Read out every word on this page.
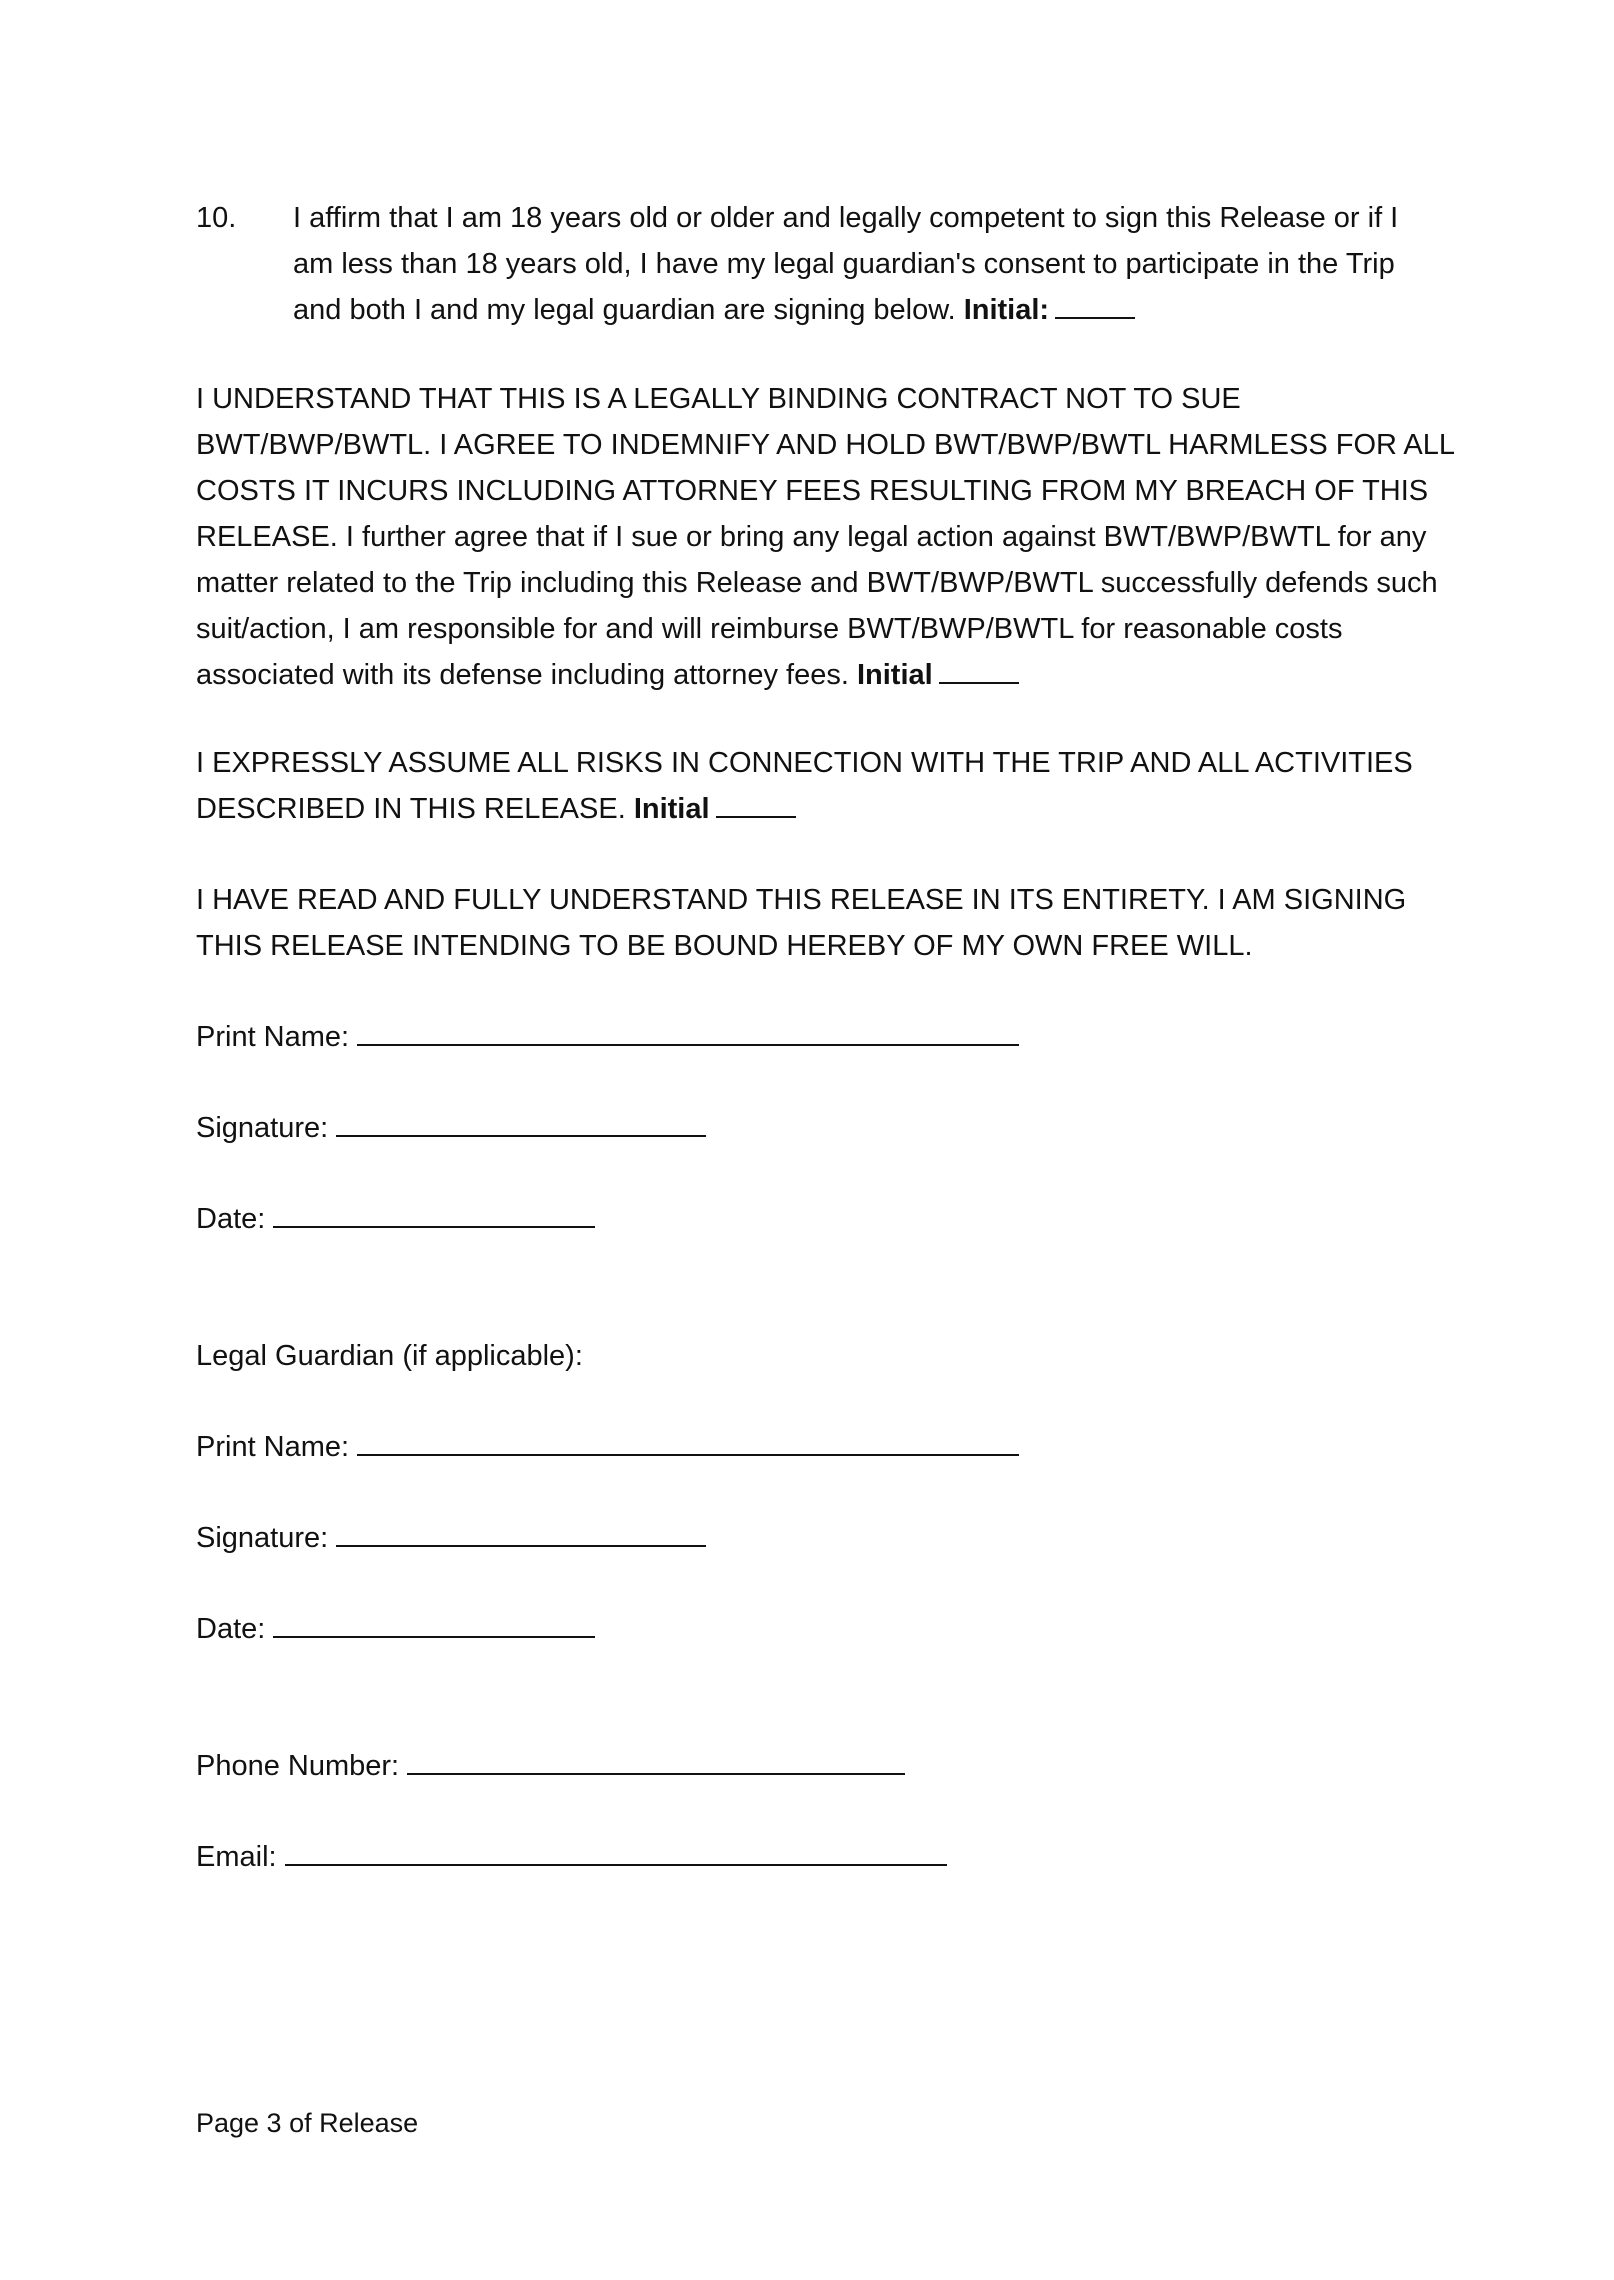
10. I affirm that I am 18 years old or older and legally competent to sign this Release or if I am less than 18 years old, I have my legal guardian's consent to participate in the Trip and both I and my legal guardian are signing below. Initial:
I UNDERSTAND THAT THIS IS A LEGALLY BINDING CONTRACT NOT TO SUE BWT/BWP/BWTL. I AGREE TO INDEMNIFY AND HOLD BWT/BWP/BWTL HARMLESS FOR ALL COSTS IT INCURS INCLUDING ATTORNEY FEES RESULTING FROM MY BREACH OF THIS RELEASE. I further agree that if I sue or bring any legal action against BWT/BWP/BWTL for any matter related to the Trip including this Release and BWT/BWP/BWTL successfully defends such suit/action, I am responsible for and will reimburse BWT/BWP/BWTL for reasonable costs associated with its defense including attorney fees. Initial
I EXPRESSLY ASSUME ALL RISKS IN CONNECTION WITH THE TRIP AND ALL ACTIVITIES DESCRIBED IN THIS RELEASE. Initial
I HAVE READ AND FULLY UNDERSTAND THIS RELEASE IN ITS ENTIRETY. I AM SIGNING THIS RELEASE INTENDING TO BE BOUND HEREBY OF MY OWN FREE WILL.
Print Name:
Signature:
Date:
Legal Guardian (if applicable):
Print Name:
Signature:
Date:
Phone Number:
Email:
Page 3 of Release
